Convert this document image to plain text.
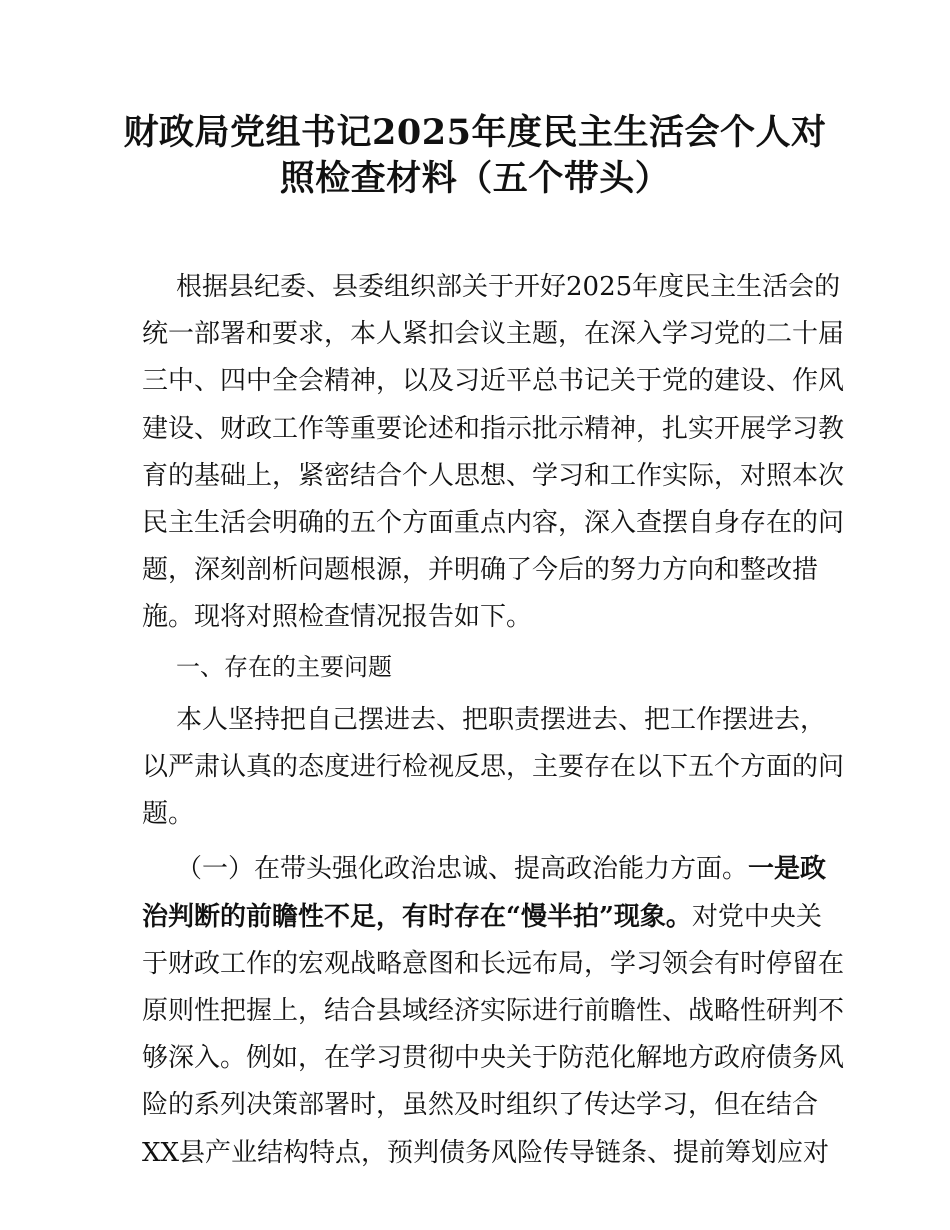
财政局党组书记2025年度民主生活会个人对
照检查材料（五个带头）
根据县纪委、县委组织部关于开好2025年度民主生活会的
统一部署和要求，本人紧扣会议主题，在深入学习党的二十届
三中、四中全会精神，以及习近平总书记关于党的建设、作风
建设、财政工作等重要论述和指示批示精神，扎实开展学习教
育的基础上，紧密结合个人思想、学习和工作实际，对照本次
民主生活会明确的五个方面重点内容，深入查摆自身存在的问
题，深刻剖析问题根源，并明确了今后的努力方向和整改措
施。现将对照检查情况报告如下。
一、存在的主要问题
本人坚持把自己摆进去、把职责摆进去、把工作摆进去，
以严肃认真的态度进行检视反思，主要存在以下五个方面的问
题。
（一）在带头强化政治忠诚、提高政治能力方面。一是政
治判断的前瞻性不足，有时存在“慢半拍”现象。对党中央关
于财政工作的宏观战略意图和长远布局，学习领会有时停留在
原则性把握上，结合县域经济实际进行前瞻性、战略性研判不
够深入。例如，在学习贯彻中央关于防范化解地方政府债务风
险的系列决策部署时，虽然及时组织了传达学习，但在结合
XX县产业结构特点，预判债务风险传导链条、提前筹划应对
